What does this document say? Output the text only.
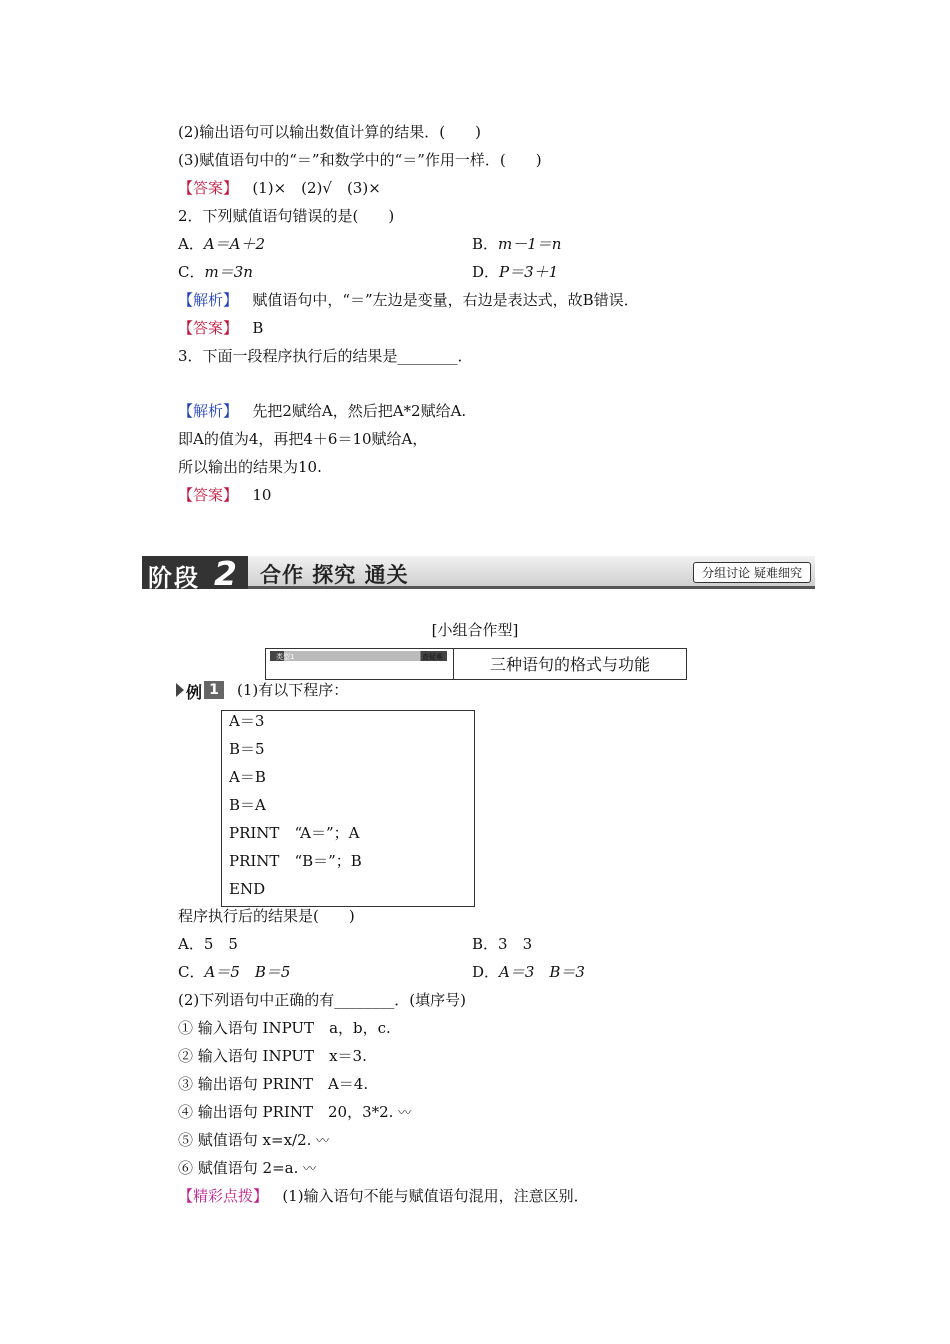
(2)输出语句可以输出数值计算的结果．(　　)
(3)赋值语句中的“＝”和数学中的“＝”作用一样．(　　)
【答案】 (1)×　(2)√　(3)×
2．下列赋值语句错误的是(　　)
A．A＝A＋2	B．m－1＝n
C．m＝3n	D．P＝3＋1
【解析】 赋值语句中，“＝”左边是变量，右边是表达式，故B错误．
【答案】 B
3．下面一段程序执行后的结果是________．
【解析】 先把2赋给A，然后把A*2赋给A.
即A的值为4，再把4＋6＝10赋给A，
所以输出的结果为10.
【答案】 10
阶段 2 合作 探究 通关	分组讨论 疑难细究
[小组合作型]
类型1	查疑难	三种语句的格式与功能
例 1	(1)有以下程序：
A＝3
B＝5
A＝B
B＝A
PRINT　“A＝”；A
PRINT　“B＝”；B
END
程序执行后的结果是(　　)
A．5　5	B．3　3
C．A＝5　B＝5	D．A＝3　B＝3
(2)下列语句中正确的有________．(填序号)
① 输入语句 INPUT　a，b，c.
② 输入语句 INPUT　x＝3.
③ 输出语句 PRINT　A＝4.
④ 输出语句 PRINT　20，3*2. 〰
⑤ 赋值语句 x=x/2. 〰
⑥ 赋值语句 2=a. 〰
【精彩点拨】 (1)输入语句不能与赋值语句混用，注意区别．
